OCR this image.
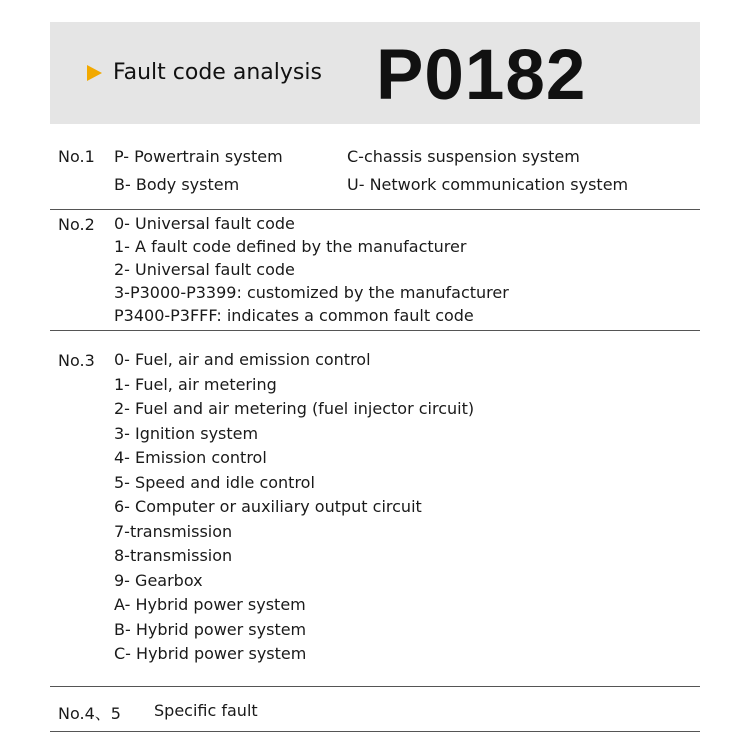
Fault code analysis P0182
No.1 P- Powertrain system	C-chassis suspension system
B- Body system	U- Network communication system
No.2 0- Universal fault code
1- A fault code defined by the manufacturer
2- Universal fault code
3-P3000-P3399: customized by the manufacturer
P3400-P3FFF: indicates a common fault code
No.3 0- Fuel, air and emission control
1- Fuel, air metering
2- Fuel and air metering (fuel injector circuit)
3- Ignition system
4- Emission control
5- Speed and idle control
6- Computer or auxiliary output circuit
7-transmission
8-transmission
9- Gearbox
A- Hybrid power system
B- Hybrid power system
C- Hybrid power system
No.4、5 Specific fault
